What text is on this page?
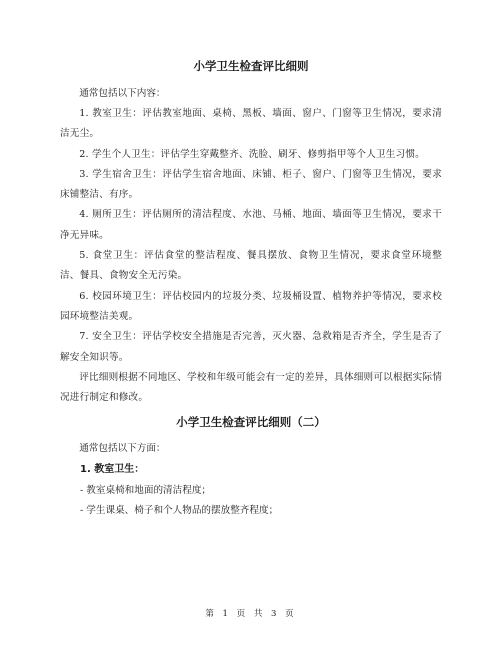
小学卫生检查评比细则

通常包括以下内容：

1. 教室卫生：评估教室地面、桌椅、黑板、墙面、窗户、门窗等卫生情况，要求清洁无尘。

2. 学生个人卫生：评估学生穿戴整齐、洗脸、刷牙、修剪指甲等个人卫生习惯。

3. 学生宿舍卫生：评估学生宿舍地面、床铺、柜子、窗户、门窗等卫生情况，要求床铺整洁、有序。

4. 厕所卫生：评估厕所的清洁程度、水池、马桶、地面、墙面等卫生情况，要求干净无异味。

5. 食堂卫生：评估食堂的整洁程度、餐具摆放、食物卫生情况，要求食堂环境整洁、餐具、食物安全无污染。

6. 校园环境卫生：评估校园内的垃圾分类、垃圾桶设置、植物养护等情况，要求校园环境整洁美观。

7. 安全卫生：评估学校安全措施是否完善，灭火器、急救箱是否齐全，学生是否了解安全知识等。

评比细则根据不同地区、学校和年级可能会有一定的差异，具体细则可以根据实际情况进行制定和修改。

小学卫生检查评比细则（二）

通常包括以下方面：

1. 教室卫生：

- 教室桌椅和地面的清洁程度；

- 学生课桌、椅子和个人物品的摆放整齐程度；

第 1 页 共 3 页
